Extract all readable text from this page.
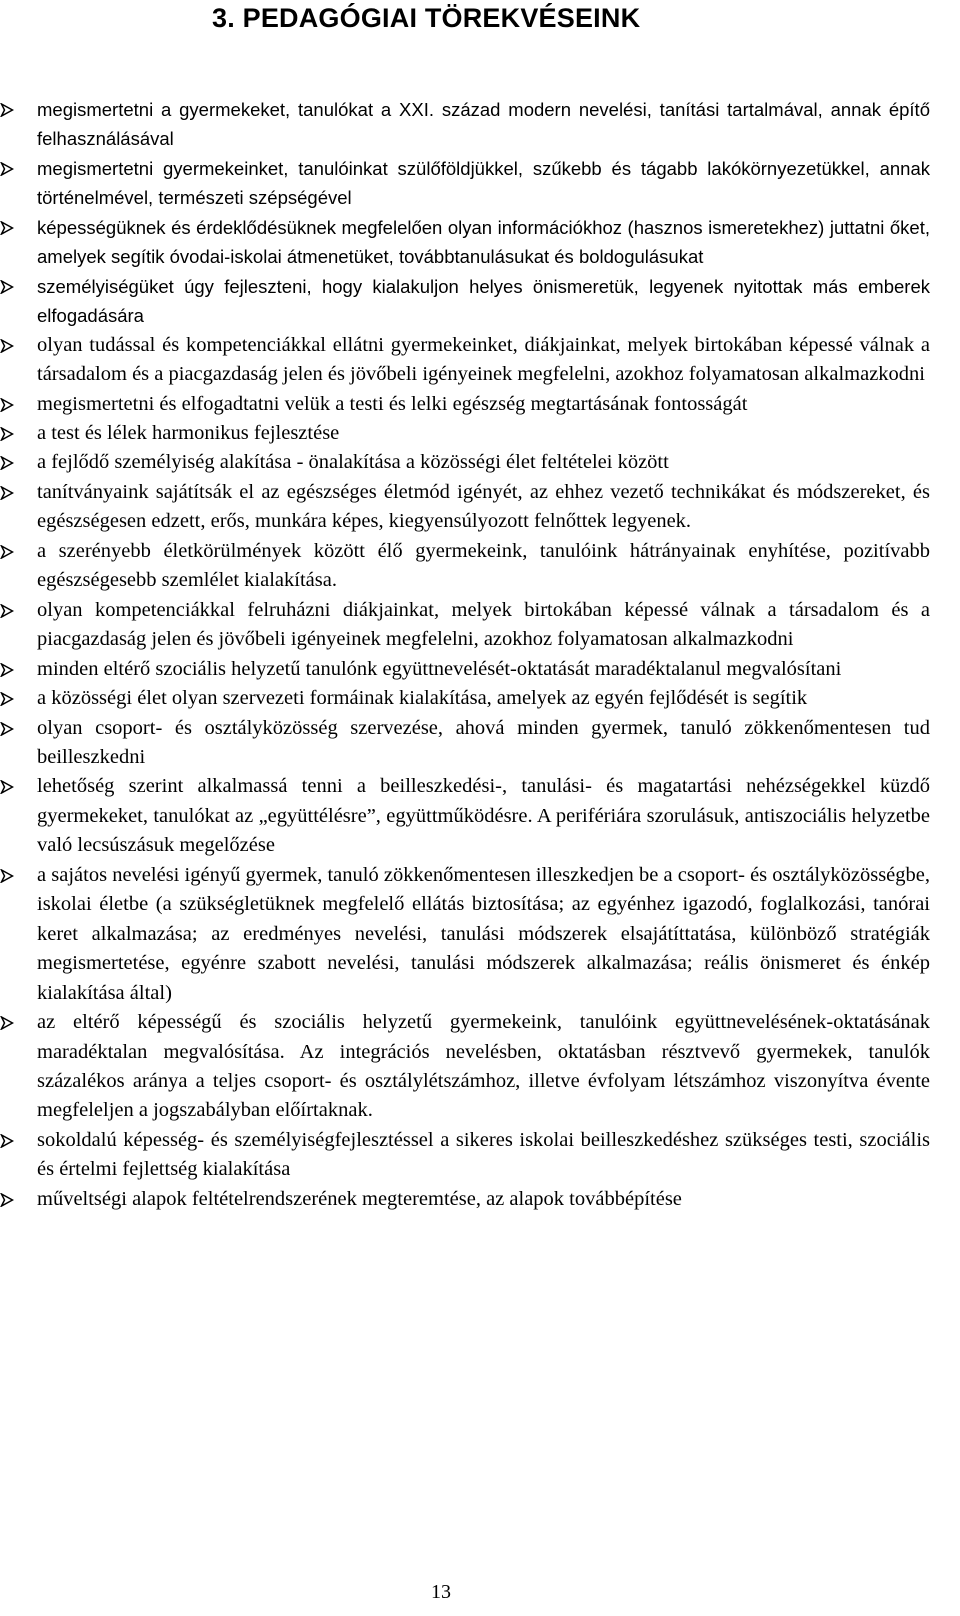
3. PEDAGÓGIAI TÖREKVÉSEINK
megismertetni a gyermekeket, tanulókat a XXI. század modern nevelési, tanítási tartalmával, annak építő felhasználásával
megismertetni gyermekeinket, tanulóinkat szülőföldjükkel, szűkebb és tágabb lakókörnyezetükkel, annak történelmével, természeti szépségével
képességüknek és érdeklődésüknek megfelelően olyan információkhoz (hasznos ismeretekhez) juttatni őket, amelyek segítik óvodai-iskolai átmenetüket, továbbtanulásukat és boldogulásukat
személyiségüket úgy fejleszteni, hogy kialakuljon helyes önismeretük, legyenek nyitottak más emberek elfogadására
olyan tudással és kompetenciákkal ellátni gyermekeinket, diákjainkat, melyek birtokában képessé válnak a társadalom és a piacgazdaság jelen és jövőbeli igényeinek megfelelni, azokhoz folyamatosan alkalmazkodni
megismertetni és elfogadtatni velük a testi és lelki egészség megtartásának fontosságát
a test és lélek harmonikus fejlesztése
a fejlődő személyiség alakítása - önalakítása a közösségi élet feltételei között
tanítványaink sajátítsák el az egészséges életmód igényét, az ehhez vezető technikákat és módszereket, és egészségesen edzett, erős, munkára képes, kiegyensúlyozott felnőttek legyenek.
a szerényebb életkörülmények között élő gyermekeink, tanulóink hátrányainak enyhítése, pozitívabb egészségesebb szemlélet kialakítása.
olyan kompetenciákkal felruházni diákjainkat, melyek birtokában képessé válnak a társadalom és a piacgazdaság jelen és jövőbeli igényeinek megfelelni, azokhoz folyamatosan alkalmazkodni
minden eltérő szociális helyzetű tanulónk együttnevelését-oktatását maradéktalanul megvalósítani
a közösségi élet olyan szervezeti formáinak kialakítása, amelyek az egyén fejlődését is segítik
olyan csoport- és osztályközösség szervezése, ahová minden gyermek, tanuló zökkenőmentesen tud beilleszkedni
lehetőség szerint alkalmassá tenni a beilleszkedési-, tanulási- és magatartási nehézségekkel küzdő gyermekeket, tanulókat az „együttélésre”, együttműködésre. A perifériára szorulásuk, antiszociális helyzetbe való lecsúszásuk megelőzése
a sajátos nevelési igényű gyermek, tanuló zökkenőmentesen illeszkedjen be a csoport- és osztályközösségbe, iskolai életbe (a szükségletüknek megfelelő ellátás biztosítása; az egyénhez igazodó, foglalkozási, tanórai keret alkalmazása; az eredményes nevelési, tanulási módszerek elsajátíttatása, különböző stratégiák megismertetése, egyénre szabott nevelési, tanulási módszerek alkalmazása; reális önismeret és énkép kialakítása által)
az eltérő képességű és szociális helyzetű gyermekeink, tanulóink együttnevelésének-oktatásának maradéktalan megvalósítása. Az integrációs nevelésben, oktatásban résztvevő gyermekek, tanulók százalékos aránya a teljes csoport- és osztálylétszámhoz, illetve évfolyam létszámhoz viszonyítva évente megfeleljen a jogszabályban előírtaknak.
sokoldalú képesség- és személyiségfejlesztéssel a sikeres iskolai beilleszkedéshez szükséges testi, szociális és értelmi fejlettség kialakítása
műveltségi alapok feltételrendszerének megteremtése, az alapok továbbépítése
13
